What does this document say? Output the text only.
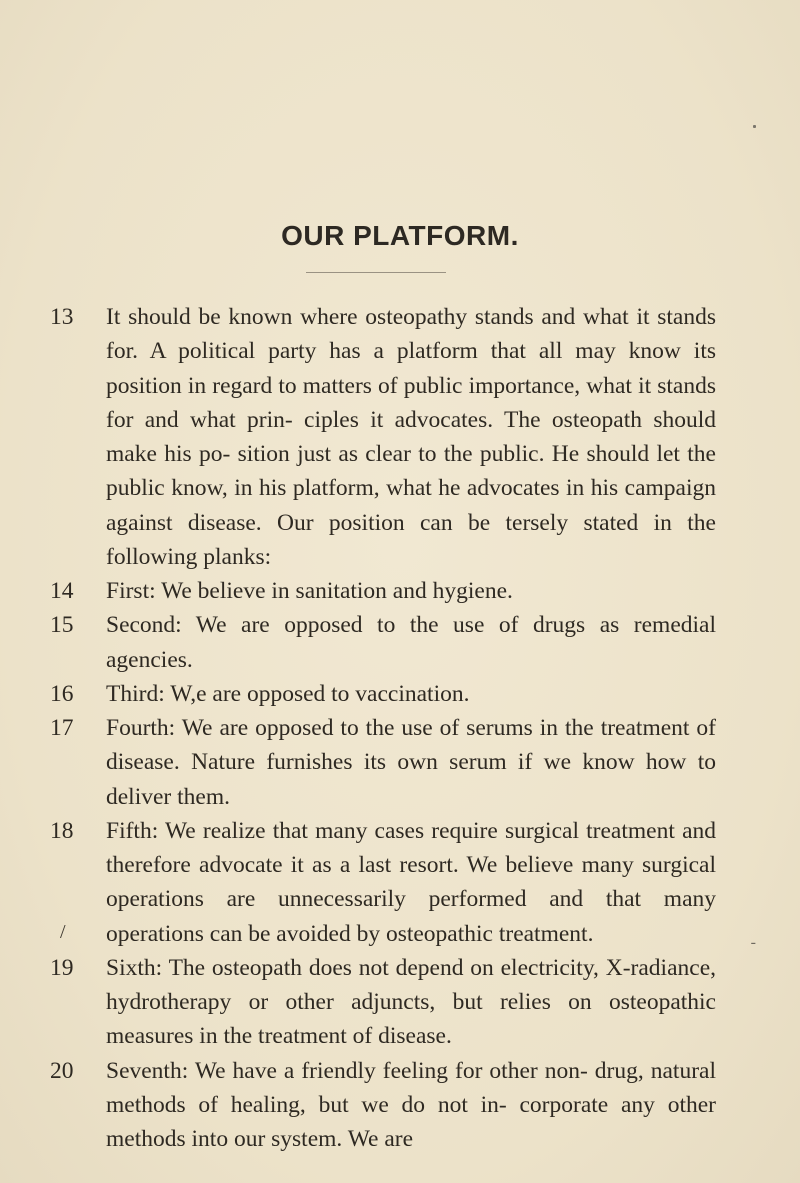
OUR PLATFORM.

13	It should be known where osteopathy stands and what it stands for. A political party has a platform that all may know its position in regard to matters of public importance, what it stands for and what prin- ciples it advocates. The osteopath should make his po- sition just as clear to the public. He should let the public know, in his platform, what he advocates in his campaign against disease. Our position can be tersely stated in the following planks:

14	First: We believe in sanitation and hygiene.

15	Second: We are opposed to the use of drugs as remedial agencies.

16	Third: W,e are opposed to vaccination.

17	Fourth: We are opposed to the use of serums in the treatment of disease. Nature furnishes its own serum if we know how to deliver them.

18	Fifth: We realize that many cases require surgical treatment and therefore advocate it as a last resort. We believe many surgical operations are unnecessarily performed and that many operations can be avoided by osteopathic treatment.
/	-

19	Sixth: The osteopath does not depend on electricity, X-radiance, hydrotherapy or other adjuncts, but relies on osteopathic measures in the treatment of disease.

20	Seventh: We have a friendly feeling for other non- drug, natural methods of healing, but we do not in- corporate any other methods into our system. We are
